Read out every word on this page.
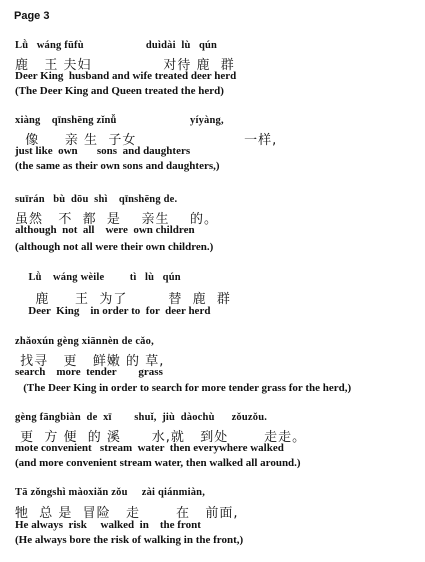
Page 3
Lǜ   wáng fūfù                      duìdài  lù   qún
鹿   王 夫妇              对待 鹿  群
Deer King  husband and wife treated deer herd
(The Deer King and Queen treated the herd)
xiàng    qīnshēng zǐnǚ                          yíyàng,
像     亲 生  子女                     一样,
just like  own       sons  and daughters
(the same as their own sons and daughters,)
suīrán   bù  dōu  shì    qīnshēng de.
虽然   不  都  是    亲生    的。
although  not  all    were  own children
(although not all were their own children.)
Lǜ    wáng wèile         tì   lù   qún
鹿     王  为了        替  鹿  群
Deer  King    in order to  for  deer herd
zhǎoxún gèng xiānnèn de cǎo,
找寻   更   鲜嫩 的 草,
search    more  tender        grass
(The Deer King in order to search for more tender grass for the herd,)
gèng fāngbiàn  de  xī        shuǐ,  jiù  dàochù      zǒuzǒu.
更  方 便  的 溪      水,就   到处       走走。
mote convenient   stream  water  then everywhere walked
(and more convenient stream water, then walked all around.)
Tā zǒngshì màoxiǎn zǒu     zài qiánmiàn,
牠  总 是  冒险   走       在   前面,
He always  risk     walked  in    the front
(He always bore the risk of walking in the front,)
